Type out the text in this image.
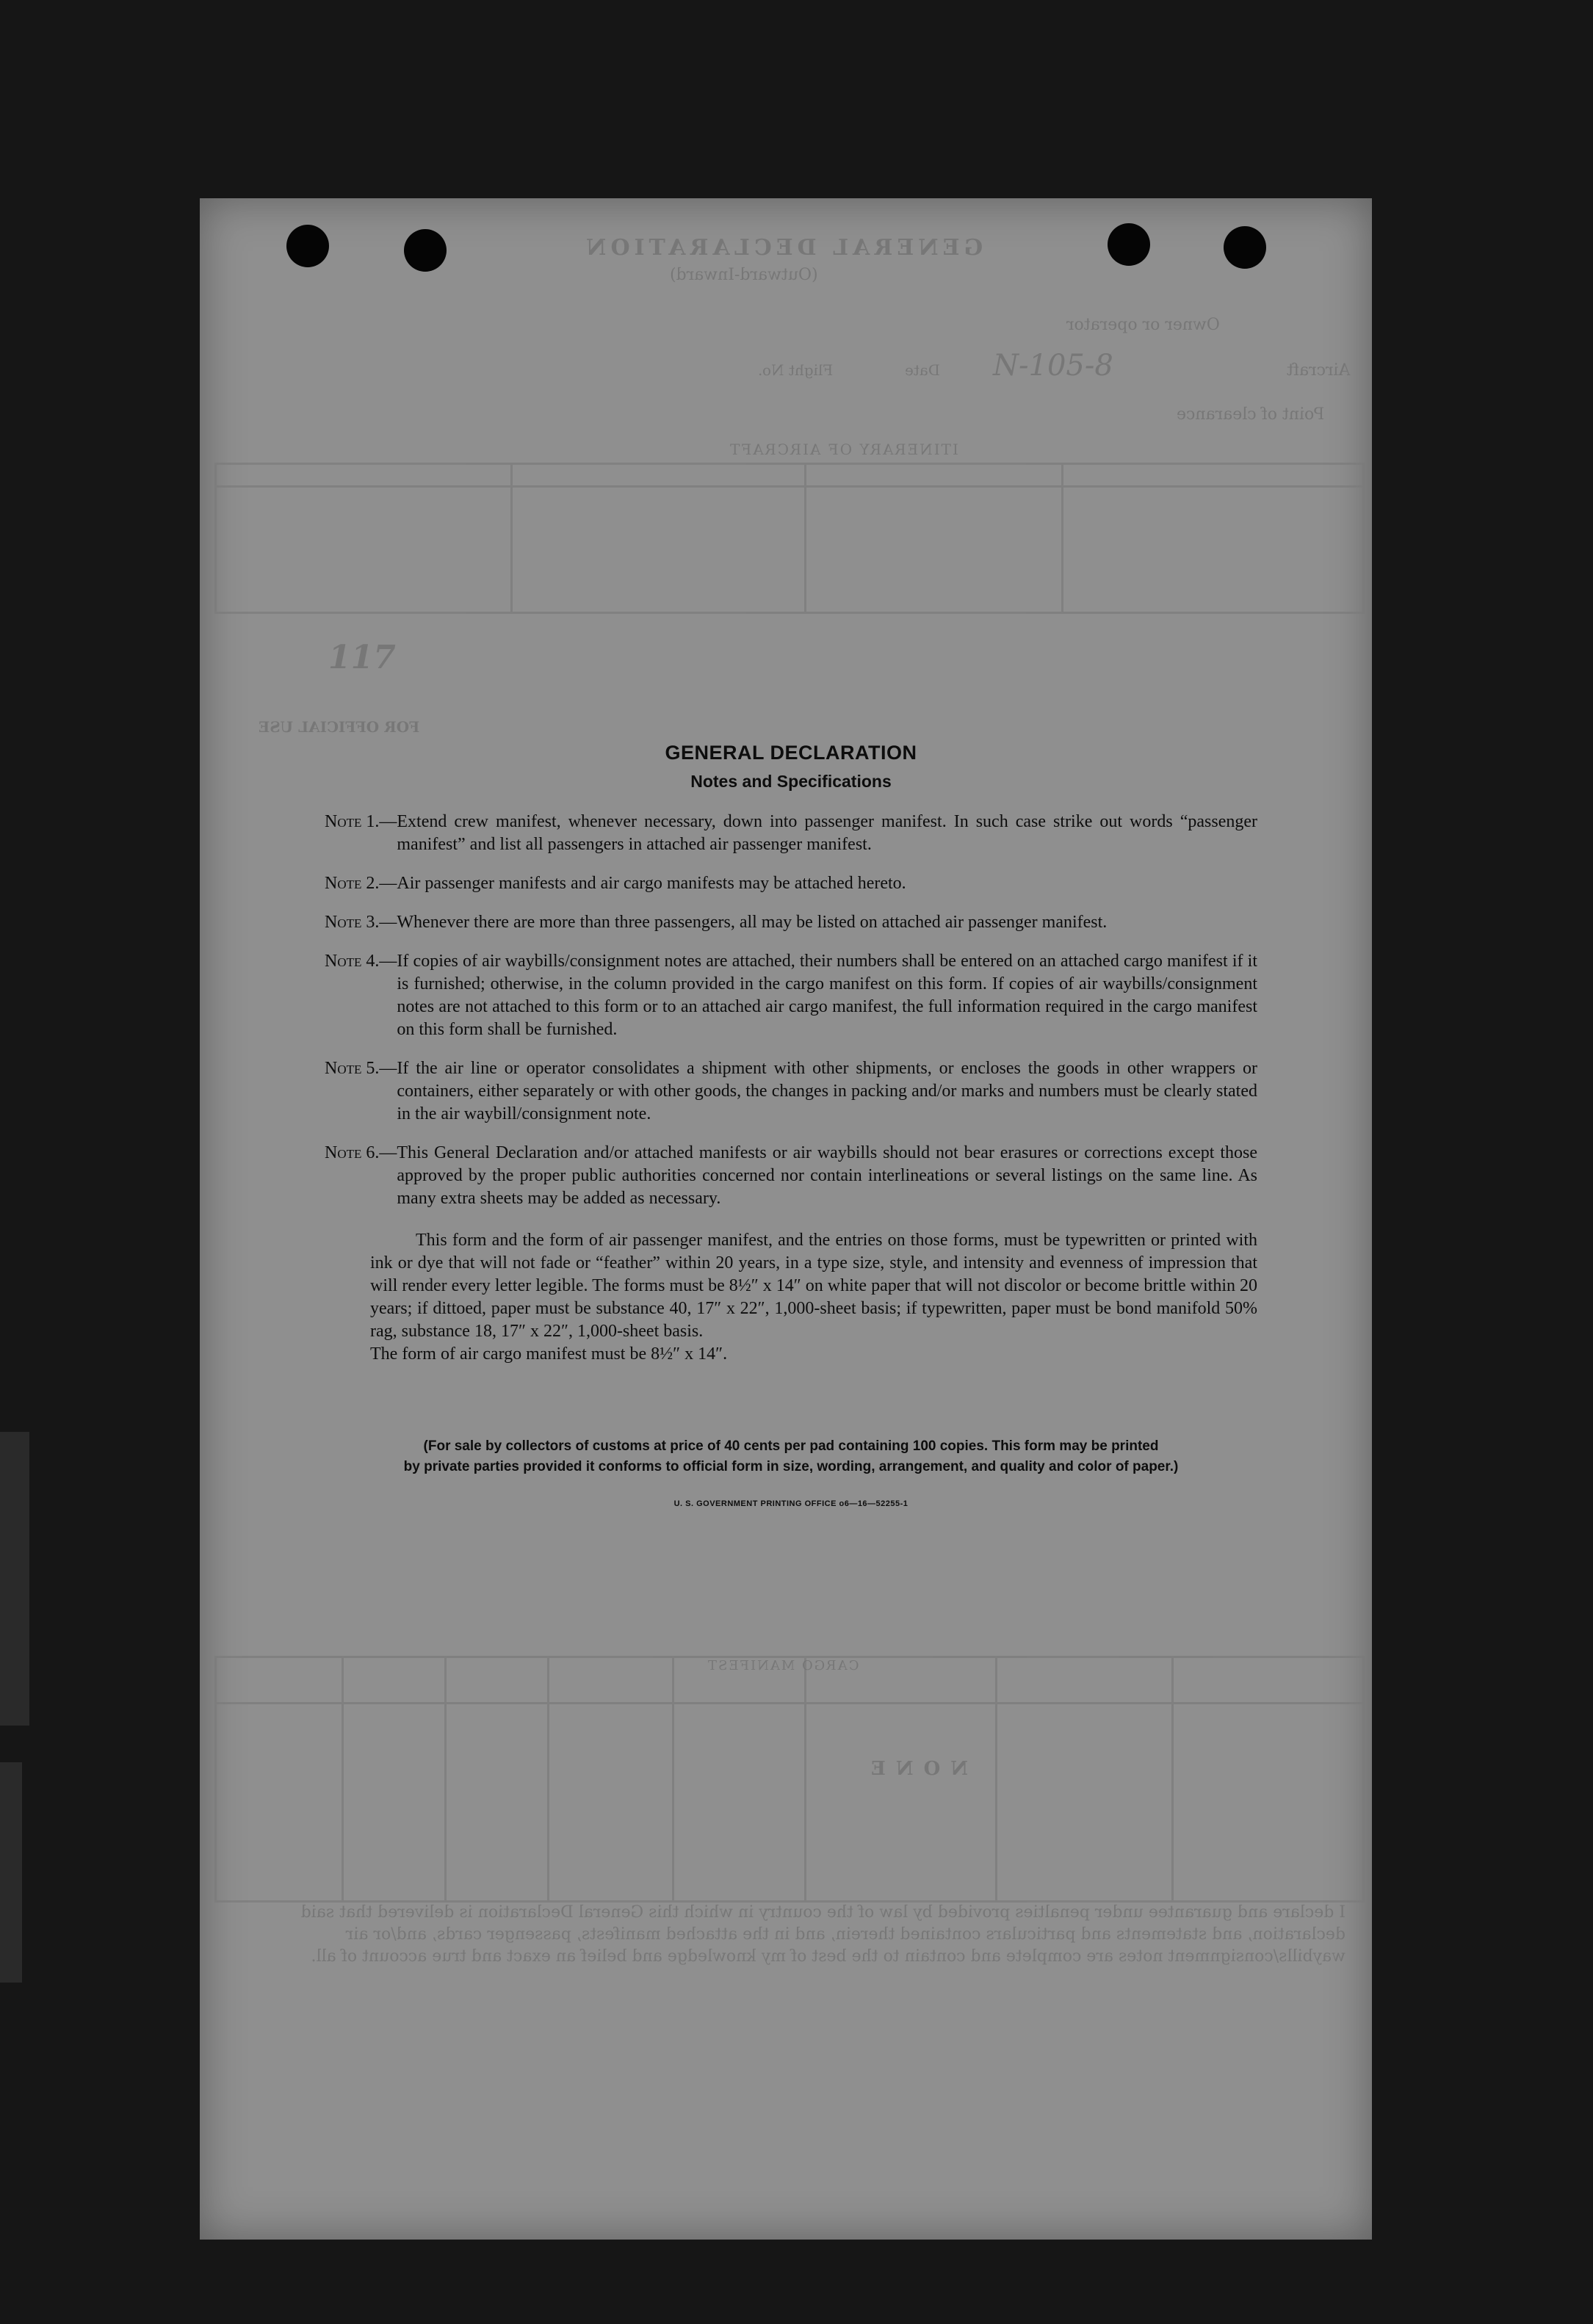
GENERAL DECLARATION
(Outward-Inward)
Owner or operator
Aircraft
N-105-8
Flight No.	Date
Point of clearance
ITINERARY OF AIRCRAFT
117
FOR OFFICIAL USE
CARGO MANIFEST
NONE
I declare and guarantee under penalties provided by law of the country in which this General Declaration is delivered that said declaration, and statements and particulars contained therein, and in the attached manifests, passenger cards, and/or air waybills/consignment notes are complete and contain to the best of my knowledge and belief an exact and true account of all.
GENERAL DECLARATION
Notes and Specifications
Note 1.— Extend crew manifest, whenever necessary, down into passenger manifest. In such case strike out words “passenger manifest” and list all passengers in attached air passenger manifest.
Note 2.— Air passenger manifests and air cargo manifests may be attached hereto.
Note 3.— Whenever there are more than three passengers, all may be listed on attached air passenger manifest.
Note 4.— If copies of air waybills/consignment notes are attached, their numbers shall be entered on an attached cargo manifest if it is furnished; otherwise, in the column provided in the cargo manifest on this form. If copies of air waybills/consignment notes are not attached to this form or to an attached air cargo manifest, the full information required in the cargo manifest on this form shall be furnished.
Note 5.— If the air line or operator consolidates a shipment with other shipments, or encloses the goods in other wrappers or containers, either separately or with other goods, the changes in packing and/or marks and numbers must be clearly stated in the air waybill/consignment note.
Note 6.— This General Declaration and/or attached manifests or air waybills should not bear erasures or corrections except those approved by the proper public authorities concerned nor contain interlineations or several listings on the same line. As many extra sheets may be added as necessary.
This form and the form of air passenger manifest, and the entries on those forms, must be typewritten or printed with ink or dye that will not fade or “feather” within 20 years, in a type size, style, and intensity and evenness of impression that will render every letter legible. The forms must be 8½″ x 14″ on white paper that will not discolor or become brittle within 20 years; if dittoed, paper must be substance 40, 17″ x 22″, 1,000-sheet basis; if typewritten, paper must be bond manifold 50% rag, substance 18, 17″ x 22″, 1,000-sheet basis.
The form of air cargo manifest must be 8½″ x 14″.
(For sale by collectors of customs at price of 40 cents per pad containing 100 copies. This form may be printed
by private parties provided it conforms to official form in size, wording, arrangement, and quality and color of paper.)
U. S. GOVERNMENT PRINTING OFFICE o6—16—52255-1
